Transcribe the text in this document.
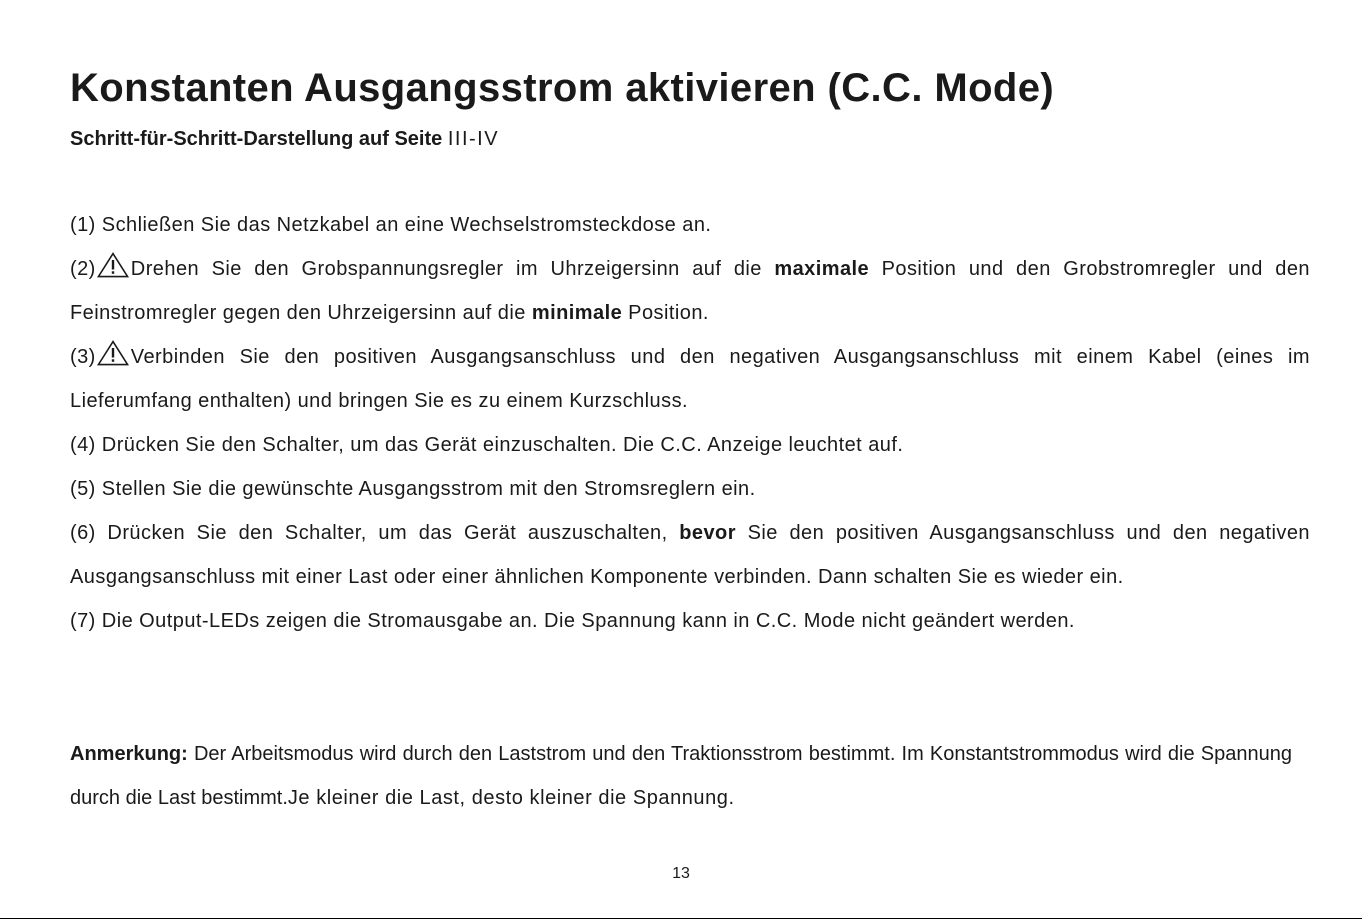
Konstanten Ausgangsstrom aktivieren (C.C. Mode)
Schritt-für-Schritt-Darstellung auf Seite III-IV
(1) Schließen Sie das Netzkabel an eine Wechselstromsteckdose an.
(2) Drehen Sie den Grobspannungsregler im Uhrzeigersinn auf die maximale Position und den Grobstromregler und den Feinstromregler gegen den Uhrzeigersinn auf die minimale Position.
(3) Verbinden Sie den positiven Ausgangsanschluss und den negativen Ausgangsanschluss mit einem Kabel (eines im Lieferumfang enthalten) und bringen Sie es zu einem Kurzschluss.
(4) Drücken Sie den Schalter, um das Gerät einzuschalten. Die C.C. Anzeige leuchtet auf.
(5) Stellen Sie die gewünschte Ausgangsstrom mit den Stromsreglern ein.
(6) Drücken Sie den Schalter, um das Gerät auszuschalten, bevor Sie den positiven Ausgangsanschluss und den negativen Ausgangsanschluss mit einer Last oder einer ähnlichen Komponente verbinden. Dann schalten Sie es wieder ein.
(7) Die Output-LEDs zeigen die Stromausgabe an. Die Spannung kann in C.C. Mode nicht geändert werden.
Anmerkung: Der Arbeitsmodus wird durch den Laststrom und den Traktionsstrom bestimmt. Im Konstantstrommodus wird die Spannung durch die Last bestimmt.Je kleiner die Last, desto kleiner die Spannung.
13
